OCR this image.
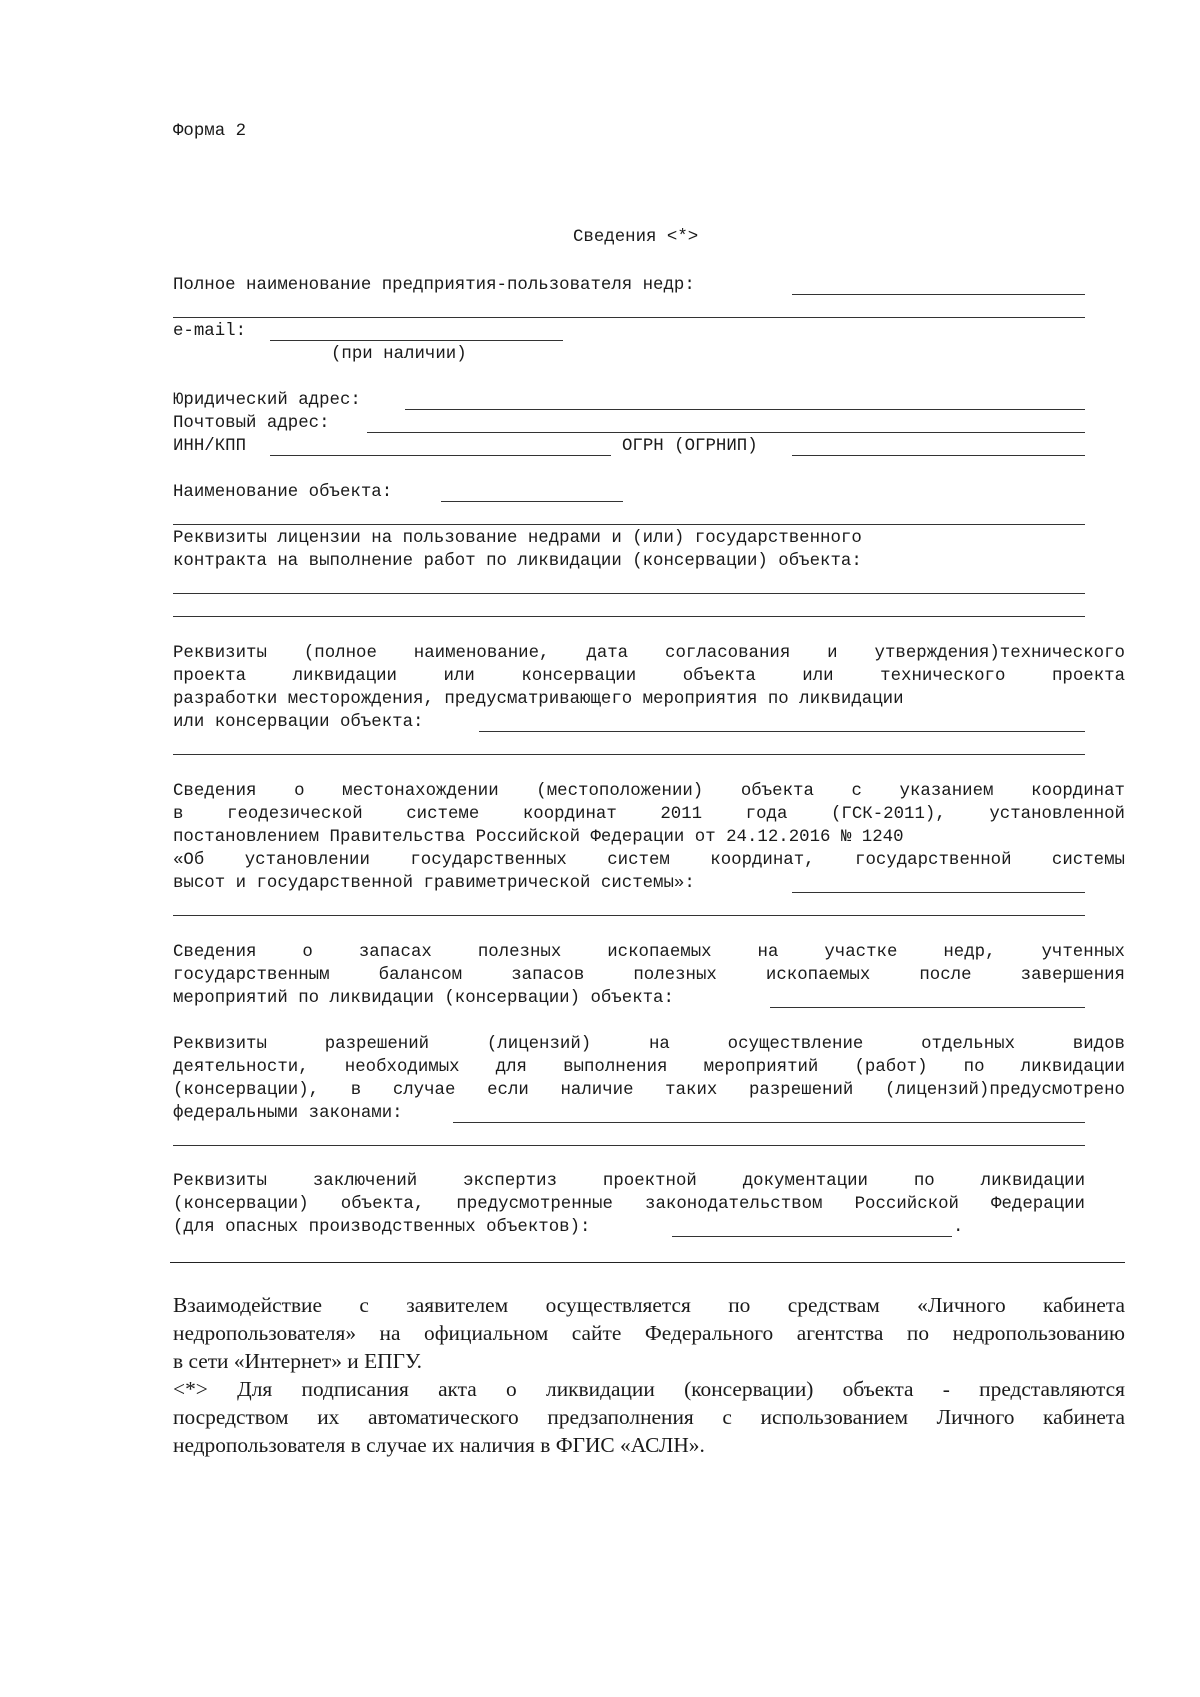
Форма 2
Сведения <*>
Полное наименование предприятия-пользователя недр:
e-mail:
(при наличии)
Юридический адрес:
Почтовый адрес:
ИНН/КПП	ОГРН (ОГРНИП)
Наименование объекта:
Реквизиты лицензии на пользование недрами и (или) государственного
контракта на выполнение работ по ликвидации (консервации) объекта:
Реквизиты (полное наименование, дата согласования и утверждения)технического
проекта ликвидации или консервации объекта или технического проекта
разработки месторождения, предусматривающего мероприятия по ликвидации
или консервации объекта:
Сведения о местонахождении (местоположении) объекта с указанием координат
в геодезической системе координат 2011 года (ГСК-2011), установленной
постановлением Правительства Российской Федерации от 24.12.2016 № 1240
«Об установлении государственных систем координат, государственной системы
высот и государственной гравиметрической системы»:
Сведения о запасах полезных ископаемых на участке недр, учтенных
государственным балансом запасов полезных ископаемых после завершения
мероприятий по ликвидации (консервации) объекта:
Реквизиты разрешений (лицензий) на осуществление отдельных видов
деятельности, необходимых для выполнения мероприятий (работ) по ликвидации
(консервации), в случае если наличие таких разрешений (лицензий)предусмотрено
федеральными законами:
Реквизиты заключений экспертиз проектной документации по ликвидации
(консервации) объекта, предусмотренные законодательством Российской Федерации
(для опасных производственных объектов):	.
Взаимодействие с заявителем осуществляется по средствам «Личного кабинета
недропользователя» на официальном сайте Федерального агентства по недропользованию
в сети «Интернет» и ЕПГУ.
<*> Для подписания акта о ликвидации (консервации) объекта - представляются
посредством их автоматического предзаполнения с использованием Личного кабинета
недропользователя в случае их наличия в ФГИС «АСЛН».
